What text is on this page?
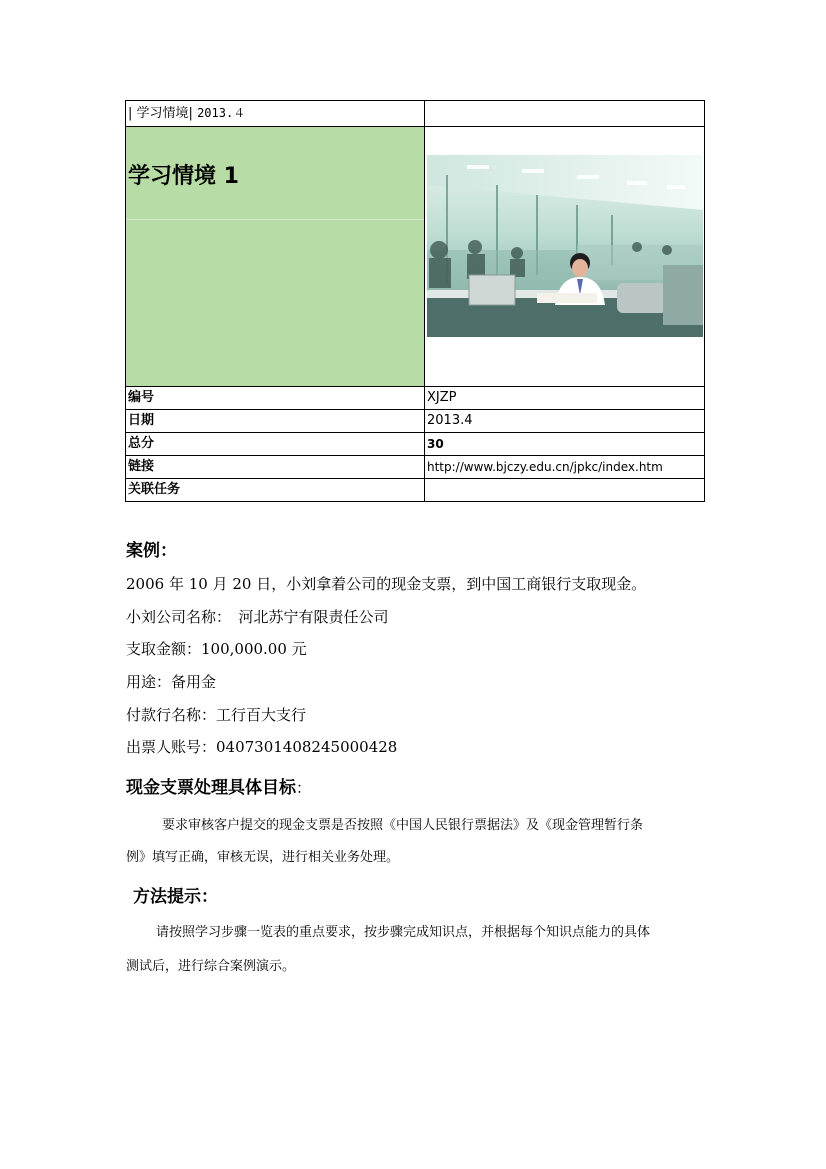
| 学习情境| 2013.４	

学习情境 1

编号	XJZP
日期	2013.4
总分	30
链接	http://www.bjczy.edu.cn/jpkc/index.htm
关联任务	
案例：
2006 年 10 月 20 日，小刘拿着公司的现金支票，到中国工商银行支取现金。
小刘公司名称：　河北苏宁有限责任公司
支取金额：100,000.00 元
用途：备用金
付款行名称：工行百大支行
出票人账号：0407301408245000428
现金支票处理具体目标：
要求审核客户提交的现金支票是否按照《中国人民银行票据法》及《现金管理暂行条
例》填写正确，审核无误，进行相关业务处理。
方法提示：
请按照学习步骤一览表的重点要求，按步骤完成知识点，并根据每个知识点能力的具体
测试后，进行综合案例演示。
